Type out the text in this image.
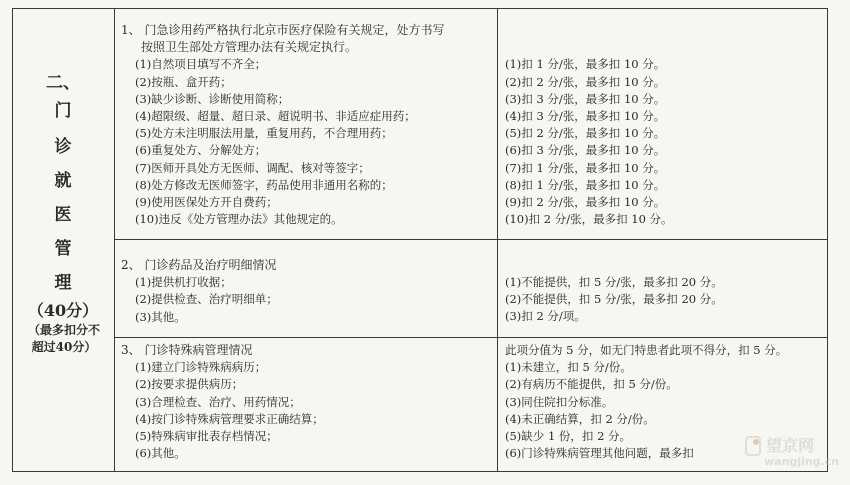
二、
门
诊
就
医
管
理
（40分）
（最多扣分不
超过40分）
1、 门急诊用药严格执行北京市医疗保险有关规定，处方书写
按照卫生部处方管理办法有关规定执行。
(1)自然项目填写不齐全；
(2)按瓶、盒开药；
(3)缺少诊断、诊断使用简称；
(4)超限级、超量、超日录、超说明书、非适应症用药；
(5)处方未注明服法用量，重复用药，不合理用药；
(6)重复处方、分解处方；
(7)医师开具处方无医师、调配、核对等签字；
(8)处方修改无医师签字，药品使用非通用名称的；
(9)使用医保处方开自费药；
(10)违反《处方管理办法》其他规定的。
(1)扣 1 分/张，最多扣 10 分。
(2)扣 2 分/张，最多扣 10 分。
(3)扣 3 分/张，最多扣 10 分。
(4)扣 3 分/张，最多扣 10 分。
(5)扣 2 分/张，最多扣 10 分。
(6)扣 3 分/张，最多扣 10 分。
(7)扣 1 分/张，最多扣 10 分。
(8)扣 1 分/张，最多扣 10 分。
(9)扣 2 分/张，最多扣 10 分。
(10)扣 2 分/张，最多扣 10 分。
2、 门诊药品及治疗明细情况
(1)提供机打收据；
(2)提供检查、治疗明细单；
(3)其他。
(1)不能提供，扣 5 分/张，最多扣 20 分。
(2)不能提供，扣 5 分/张，最多扣 20 分。
(3)扣 2 分/项。
3、 门诊特殊病管理情况
(1)建立门诊特殊病病历；
(2)按要求提供病历；
(3)合理检查、治疗、用药情况；
(4)按门诊特殊病管理要求正确结算；
(5)特殊病审批表存档情况；
(6)其他。
此项分值为 5 分，如无门特患者此项不得分，扣 5 分。
(1)未建立，扣 5 分/份。
(2)有病历不能提供，扣 5 分/份。
(3)同住院扣分标准。
(4)未正确结算，扣 2 分/份。
(5)缺少 1 份，扣 2 分。
(6)门诊特殊病管理其他问题，最多扣	望京网
wangjing.cn
